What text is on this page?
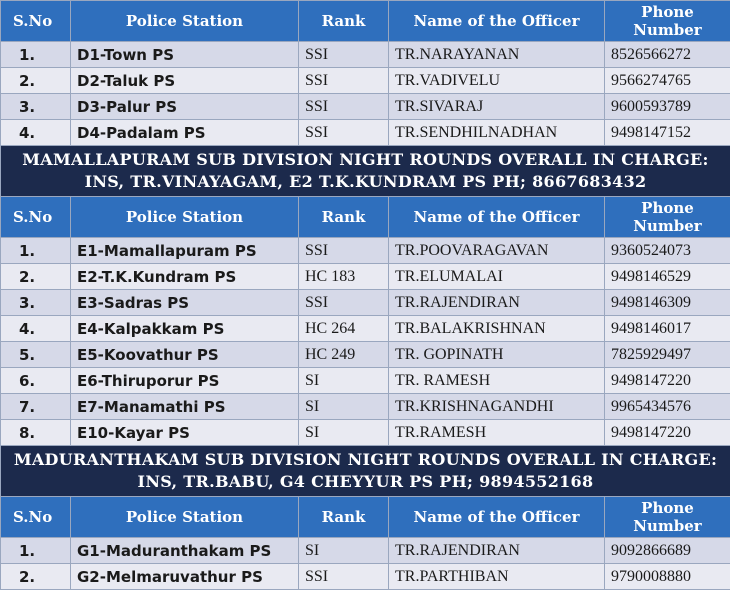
S.No	Police Station	Rank	Name of the Officer	Phone
Number
1.	D1-Town PS	SSI	TR.NARAYANAN	8526566272
2.	D2-Taluk PS	SSI	TR.VADIVELU	9566274765
3.	D3-Palur PS	SSI	TR.SIVARAJ	9600593789
4.	D4-Padalam PS	SSI	TR.SENDHILNADHAN	9498147152
MAMALLAPURAM SUB DIVISION NIGHT ROUNDS OVERALL IN CHARGE:
INS, TR.VINAYAGAM, E2 T.K.KUNDRAM PS PH; 8667683432				
S.No	Police Station	Rank	Name of the Officer	Phone
Number
1.	E1-Mamallapuram PS	SSI	TR.POOVARAGAVAN	9360524073
2.	E2-T.K.Kundram PS	HC 183	TR.ELUMALAI	9498146529
3.	E3-Sadras PS	SSI	TR.RAJENDIRAN	9498146309
4.	E4-Kalpakkam PS	HC 264	TR.BALAKRISHNAN	9498146017
5.	E5-Koovathur PS	HC 249	TR. GOPINATH	7825929497
6.	E6-Thiruporur PS	SI	TR. RAMESH	9498147220
7.	E7-Manamathi PS	SI	TR.KRISHNAGANDHI	9965434576
8.	E10-Kayar PS	SI	TR.RAMESH	9498147220
MADURANTHAKAM SUB DIVISION NIGHT ROUNDS OVERALL IN CHARGE:
INS, TR.BABU, G4 CHEYYUR PS PH; 9894552168				
S.No	Police Station	Rank	Name of the Officer	Phone
Number
1.	G1-Maduranthakam PS	SI	TR.RAJENDIRAN	9092866689
2.	G2-Melmaruvathur PS	SSI	TR.PARTHIBAN	9790008880
